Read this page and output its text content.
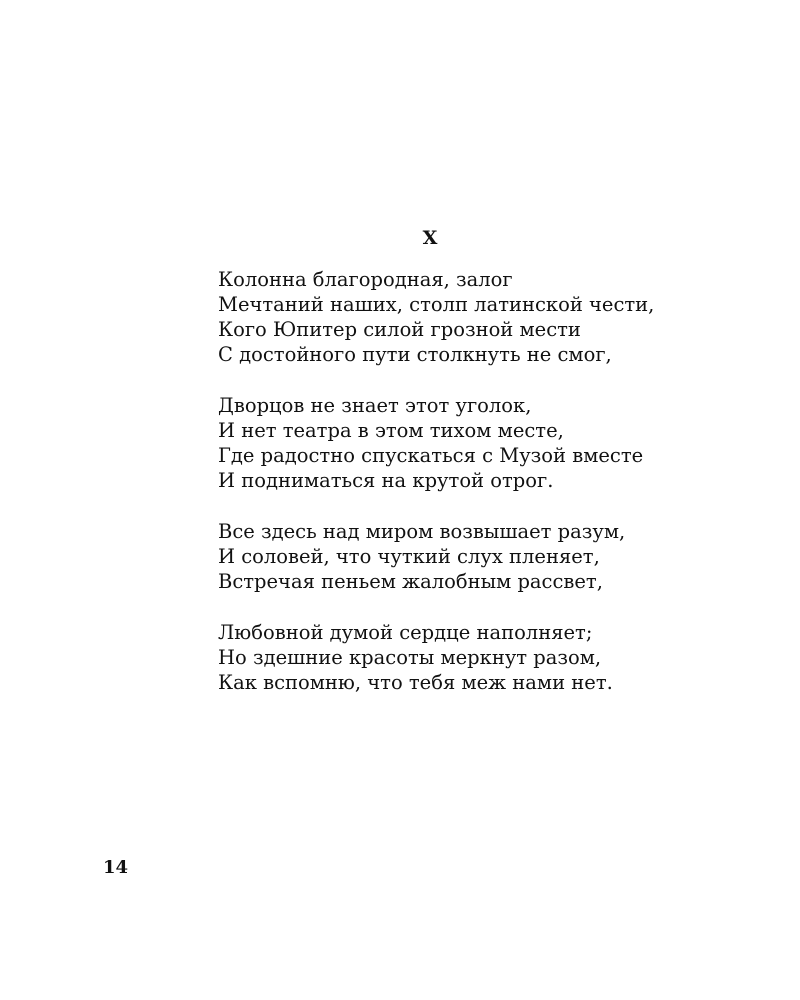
X
Колонна благородная, залог
Мечтаний наших, столп латинской чести,
Кого Юпитер силой грозной мести
С достойного пути столкнуть не смог,
Дворцов не знает этот уголок,
И нет театра в этом тихом месте,
Где радостно спускаться с Музой вместе
И подниматься на крутой отрог.
Все здесь над миром возвышает разум,
И соловей, что чуткий слух пленяет,
Встречая пеньем жалобным рассвет,
Любовной думой сердце наполняет;
Но здешние красоты меркнут разом,
Как вспомню, что тебя меж нами нет.
14
